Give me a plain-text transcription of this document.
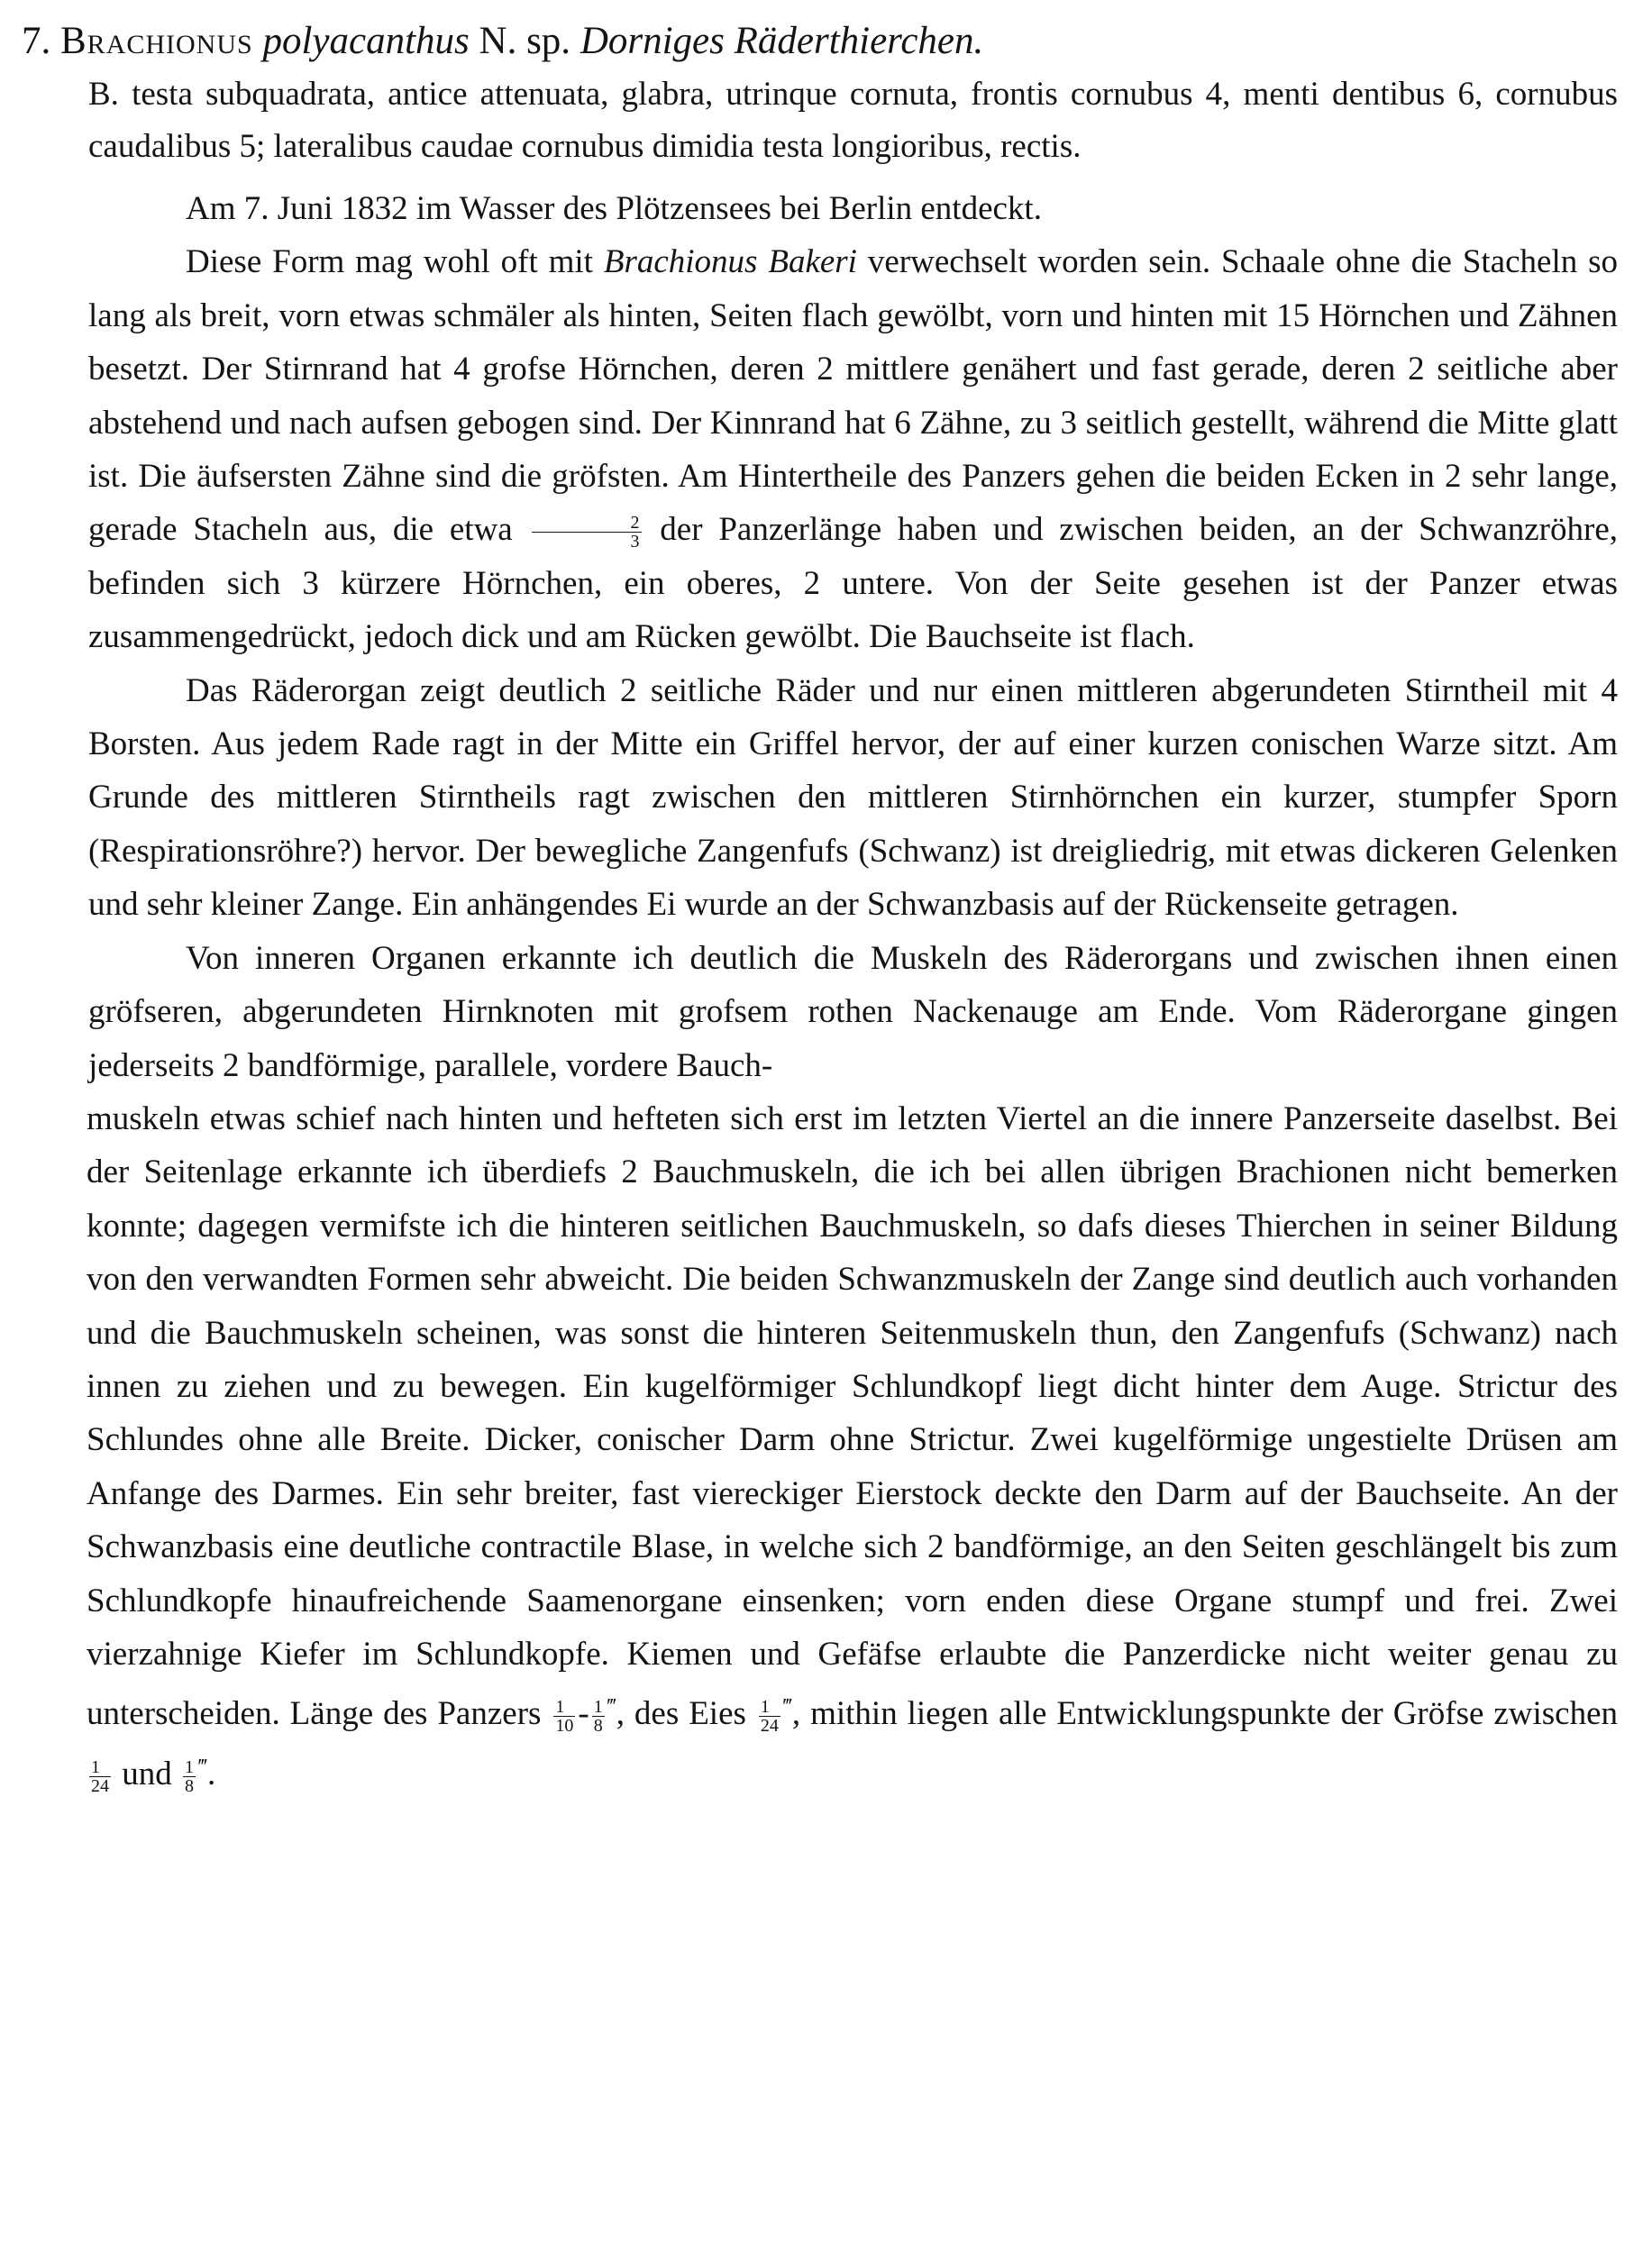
7. Brachionus polyacanthus N. sp. Dorniges Räderthierchen.
B. testa subquadrata, antice attenuata, glabra, utrinque cornuta, frontis cornubus 4, menti dentibus 6, cornubus caudalibus 5; lateralibus caudae cornubus dimidia testa longioribus, rectis.

Am 7. Juni 1832 im Wasser des Plötzensees bei Berlin entdeckt.

Diese Form mag wohl oft mit Brachionus Bakeri verwechselt worden sein. Schaale ohne die Stacheln so lang als breit, vorn etwas schmäler als hinten, Seiten flach gewölbt, vorn und hinten mit 15 Hörnchen und Zähnen besetzt. Der Stirnrand hat 4 grofse Hörnchen, deren 2 mittlere genähert und fast gerade, deren 2 seitliche aber abstehend und nach aufsen gebogen sind. Der Kinnrand hat 6 Zähne, zu 3 seitlich gestellt, während die Mitte glatt ist. Die äufsersten Zähne sind die gröfsten. Am Hintertheile des Panzers gehen die beiden Ecken in 2 sehr lange, gerade Stacheln aus, die etwa $\frac{2}{3}$ der Panzerlänge haben und zwischen beiden, an der Schwanzröhre, befinden sich 3 kürzere Hörnchen, ein oberes, 2 untere. Von der Seite gesehen ist der Panzer etwas zusammengedrückt, jedoch dick und am Rücken gewölbt. Die Bauchseite ist flach.

Das Räderorgan zeigt deutlich 2 seitliche Räder und nur einen mittleren abgerundeten Stirntheil mit 4 Borsten. Aus jedem Rade ragt in der Mitte ein Griffel hervor, der auf einer kurzen conischen Warze sitzt. Am Grunde des mittleren Stirntheils ragt zwischen den mittleren Stirnhörnchen ein kurzer, stumpfer Sporn (Respirationsröhre?) hervor. Der bewegliche Zangenfufs (Schwanz) ist dreigliedrig, mit etwas dickeren Gelenken und sehr kleiner Zange. Ein anhängendes Ei wurde an der Schwanzbasis auf der Rückenseite getragen.

Von inneren Organen erkannte ich deutlich die Muskeln des Räderorgans und zwischen ihnen einen gröfseren, abgerundeten Hirnknoten mit grofsem rothen Nackenauge am Ende. Vom Räderorgane gingen jederseits 2 bandförmige, parallele, vordere Bauch-

muskeln etwas schief nach hinten und hefteten sich erst im letzten Viertel an die innere Panzerseite daselbst. Bei der Seitenlage erkannte ich überdiefs 2 Bauchmuskeln, die ich bei allen übrigen Brachionen nicht bemerken konnte; dagegen vermifste ich die hinteren seitlichen Bauchmuskeln, so dafs dieses Thierchen in seiner Bildung von den verwandten Formen sehr abweicht. Die beiden Schwanzmuskeln der Zange sind deutlich auch vorhanden und die Bauchmuskeln scheinen, was sonst die hinteren Seitenmuskeln thun, den Zangenfufs (Schwanz) nach innen zu ziehen und zu bewegen. Ein kugelförmiger Schlundkopf liegt dicht hinter dem Auge. Strictur des Schlundes ohne alle Breite. Dicker, conischer Darm ohne Strictur. Zwei kugelförmige ungestielte Drüsen am Anfange des Darmes. Ein sehr breiter, fast viereckiger Eierstock deckte den Darm auf der Bauchseite. An der Schwanzbasis eine deutliche contractile Blase, in welche sich 2 bandförmige, an den Seiten geschlängelt bis zum Schlundkopfe hinaufreichende Saamenorgane einsenken; vorn enden diese Organe stumpf und frei. Zwei vierzahnige Kiefer im Schlundkopfe. Kiemen und Gefäfse erlaubte die Panzerdicke nicht weiter genau zu unterscheiden. Länge des Panzers $\frac{1}{10} - \frac{1}{8} ^‴$, des Eies $\frac{1}{24} ^‴$, mithin liegen alle Entwicklungspunkte der Gröfse zwischen
$\frac{1}{24}$ und $\frac{1}{8} ^‴$.
